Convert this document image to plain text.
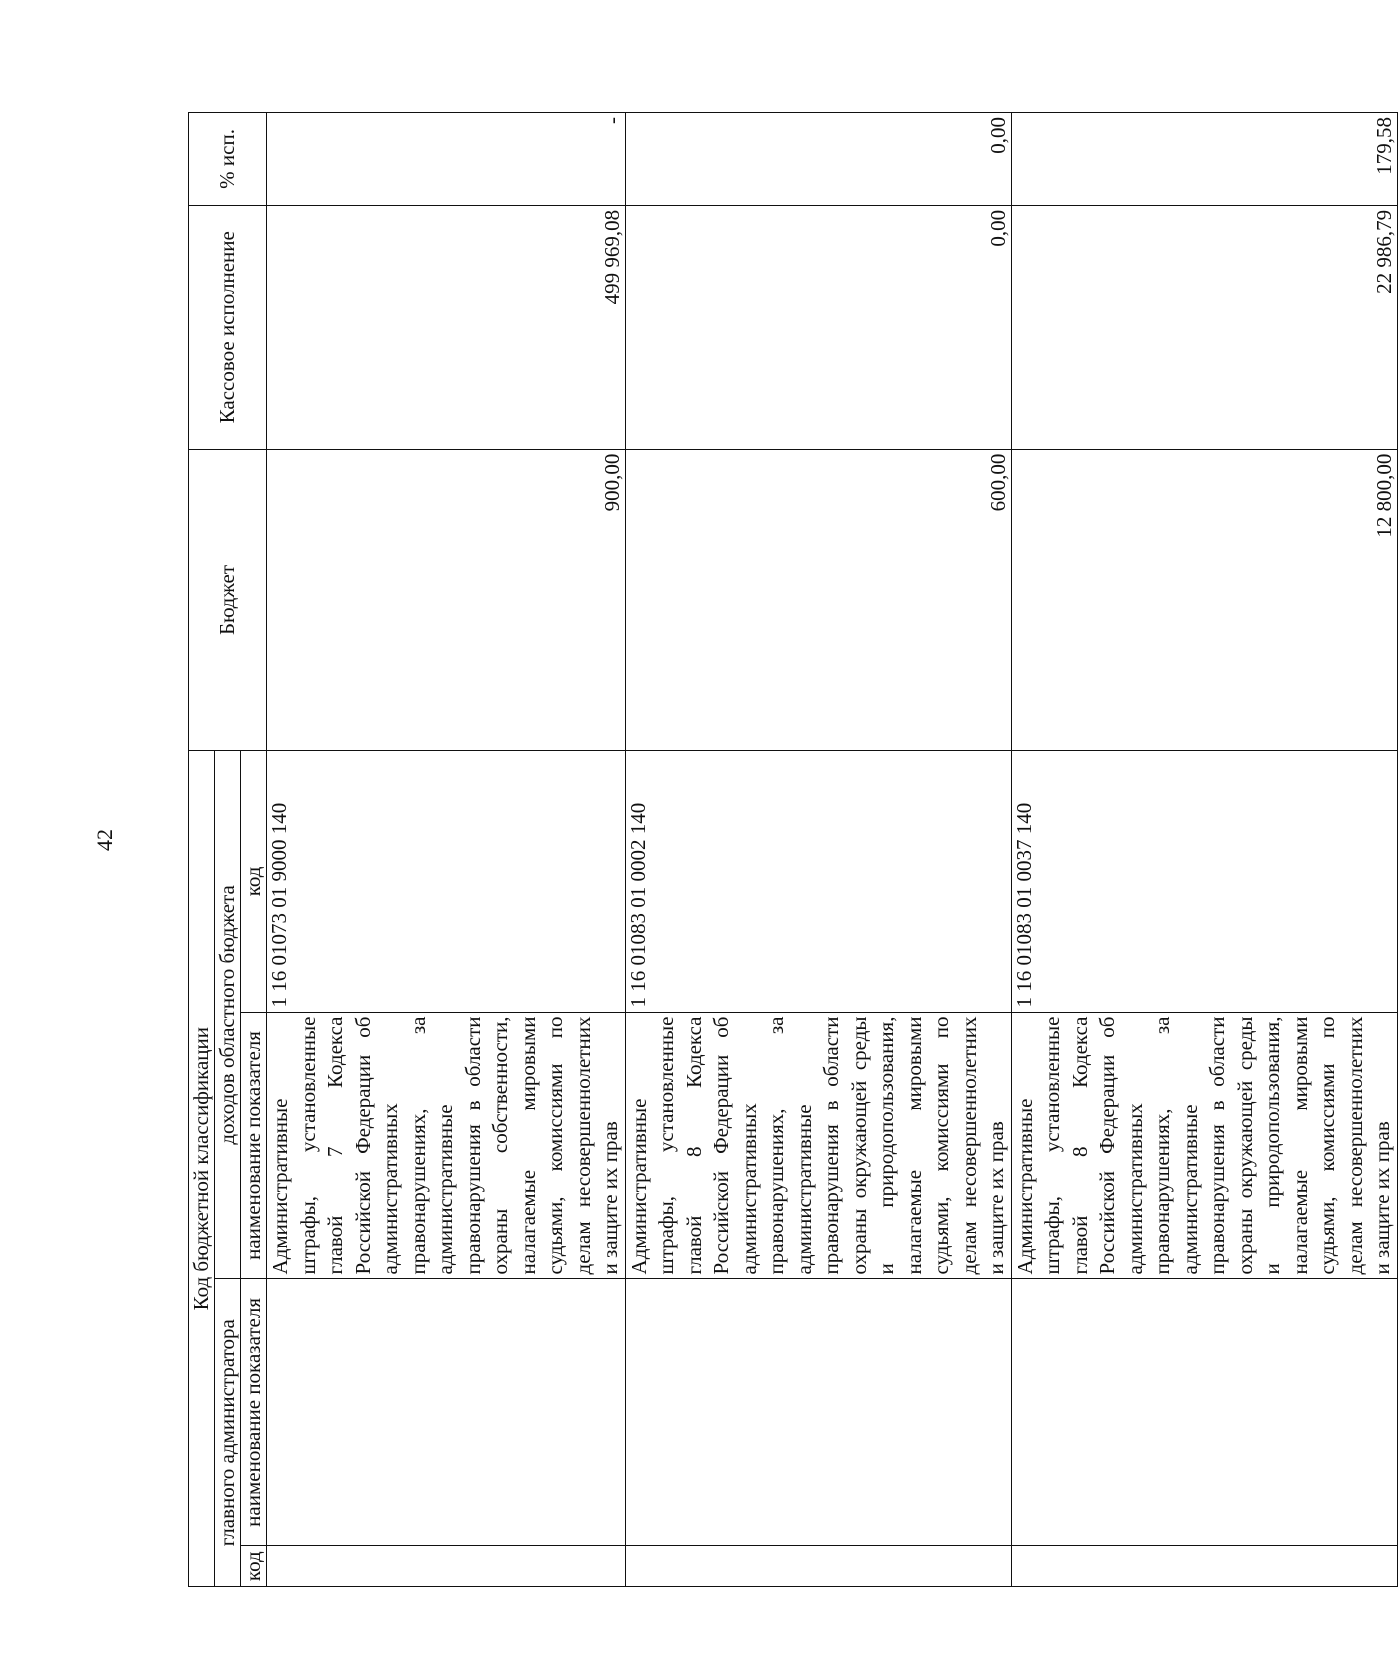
42
Код бюджетной классификации				Бюджет	Кассовое исполнение	% исп.
главного администратора		доходов областного бюджета				
код	наименование показателя	наименование показателя	код			
		Административные штрафы, установленные главой 7 Кодекса Российской Федерации об административных правонарушениях, за административные правонарушения в области охраны собственности, налагаемые мировыми судьями, комиссиями по делам несовершеннолетних и защите их прав	1 16 01073 01 9000 140	900,00	499 969,08	-
		Административные штрафы, установленные главой 8 Кодекса Российской Федерации об административных правонарушениях, за административные правонарушения в области охраны окружающей среды и природопользования, налагаемые мировыми судьями, комиссиями по делам несовершеннолетних и защите их прав	1 16 01083 01 0002 140	600,00	0,00	0,00
		Административные штрафы, установленные главой 8 Кодекса Российской Федерации об административных правонарушениях, за административные правонарушения в области охраны окружающей среды и природопользования, налагаемые мировыми судьями, комиссиями по делам несовершеннолетних и защите их прав	1 16 01083 01 0037 140	12 800,00	22 986,79	179,58
